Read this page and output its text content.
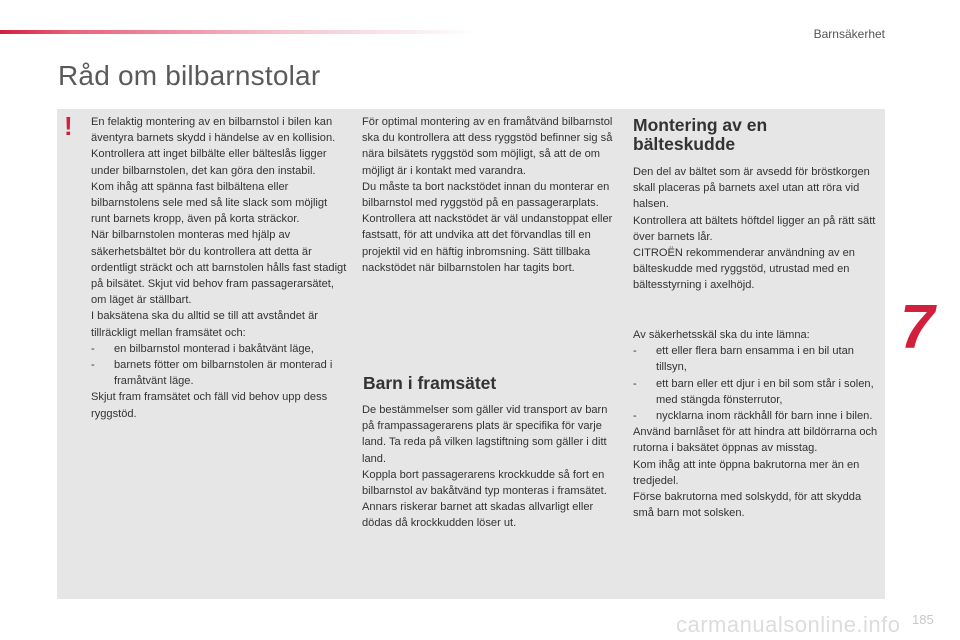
Barnsäkerhet
Råd om bilbarnstolar
! En felaktig montering av en bilbarnstol i bilen kan äventyra barnets skydd i händelse av en kollision.

Kontrollera att inget bilbälte eller bälteslås ligger under bilbarnstolen, det kan göra den instabil.

Kom ihåg att spänna fast bilbältena eller bilbarnstolens sele med så lite slack som möjligt runt barnets kropp, även på korta sträckor.

När bilbarnstolen monteras med hjälp av säkerhetsbältet bör du kontrollera att detta är ordentligt sträckt och att barnstolen hålls fast stadigt på bilsätet. Skjut vid behov fram passagerarsätet, om läget är ställbart.

I baksätena ska du alltid se till att avståndet är tillräckligt mellan framsätet och:

- en bilbarnstol monterad i bakåtvänt läge,
- barnets fötter om bilbarnstolen är monterad i framåtvänt läge.

Skjut fram framsätet och fäll vid behov upp dess ryggstöd.

För optimal montering av en framåtvänd bilbarnstol ska du kontrollera att dess ryggstöd befinner sig så nära bilsätets ryggstöd som möjligt, så att de om möjligt är i kontakt med varandra.

Du måste ta bort nackstödet innan du monterar en bilbarnstol med ryggstöd på en passagerarplats.

Kontrollera att nackstödet är väl undanstoppat eller fastsatt, för att undvika att det förvandlas till en projektil vid en häftig inbromsning. Sätt tillbaka nackstödet när bilbarnstolen har tagits bort.

Barn i framsätet

De bestämmelser som gäller vid transport av barn på frampassagerarens plats är specifika för varje land. Ta reda på vilken lagstiftning som gäller i ditt land.

Koppla bort passagerarens krockkudde så fort en bilbarnstol av bakåtvänd typ monteras i framsätet.

Annars riskerar barnet att skadas allvarligt eller dödas då krockkudden löser ut.

Montering av en bälteskudde

Den del av bältet som är avsedd för bröstkorgen skall placeras på barnets axel utan att röra vid halsen.

Kontrollera att bältets höftdel ligger an på rätt sätt över barnets lår.

CITROËN rekommenderar användning av en bälteskudde med ryggstöd, utrustad med en bältesstyrning i axelhöjd.

Av säkerhetsskäl ska du inte lämna:

- ett eller flera barn ensamma i en bil utan tillsyn,
- ett barn eller ett djur i en bil som står i solen, med stängda fönsterrutor,
- nycklarna inom räckhåll för barn inne i bilen.

Använd barnlåset för att hindra att bildörrarna och rutorna i baksätet öppnas av misstag.

Kom ihåg att inte öppna bakrutorna mer än en tredjedel.

Förse bakrutorna med solskydd, för att skydda små barn mot solsken.

7
carmanualsonline.info 185
